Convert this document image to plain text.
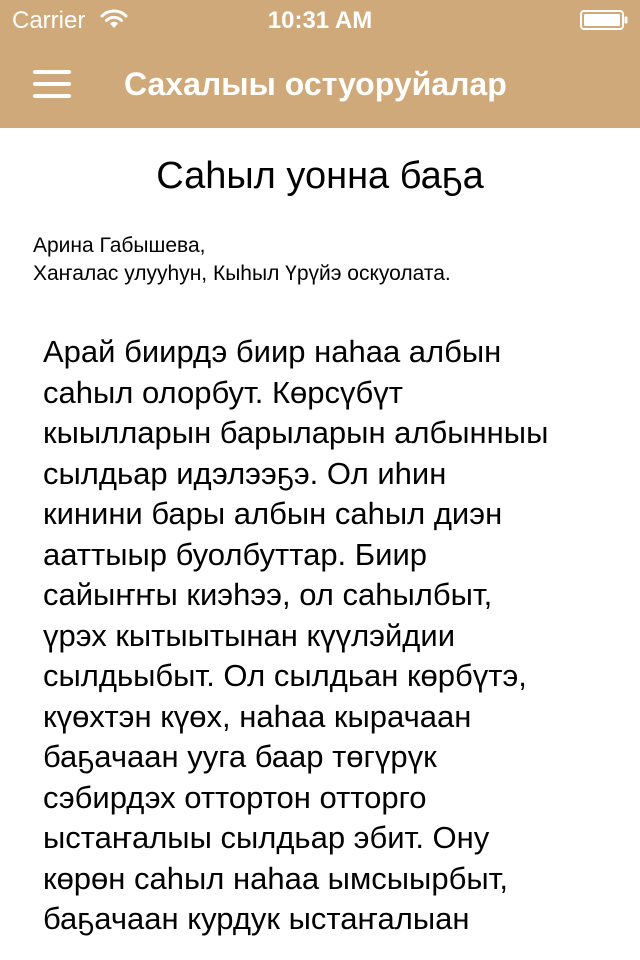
Carrier	10:31 AM
Сахалыы остуоруйалар
Саһыл уонна баҕа
Арина Габышева,
Хаҥалас улууһун, Кыһыл Үрүйэ оскуолата.
Арай биирдэ биир наһаа албын
саһыл олорбут. Көрсүбүт
кыылларын барыларын албынныы
сылдьар идэлээҕэ. Ол иһин
кинини бары албын саһыл диэн
ааттыыр буолбуттар. Биир
сайыҥҥы киэһээ, ол саһылбыт,
үрэх кытыытынан күүлэйдии
сылдьыбыт. Ол сылдьан көрбүтэ,
күөхтэн күөх, наһаа кырачаан
баҕачаан ууга баар төгүрүк
сэбирдэх оттортон отторго
ыстаҥалыы сылдьар эбит. Ону
көрөн саһыл наһаа ымсыырбыт,
баҕачаан курдук ыстаҥалыан
